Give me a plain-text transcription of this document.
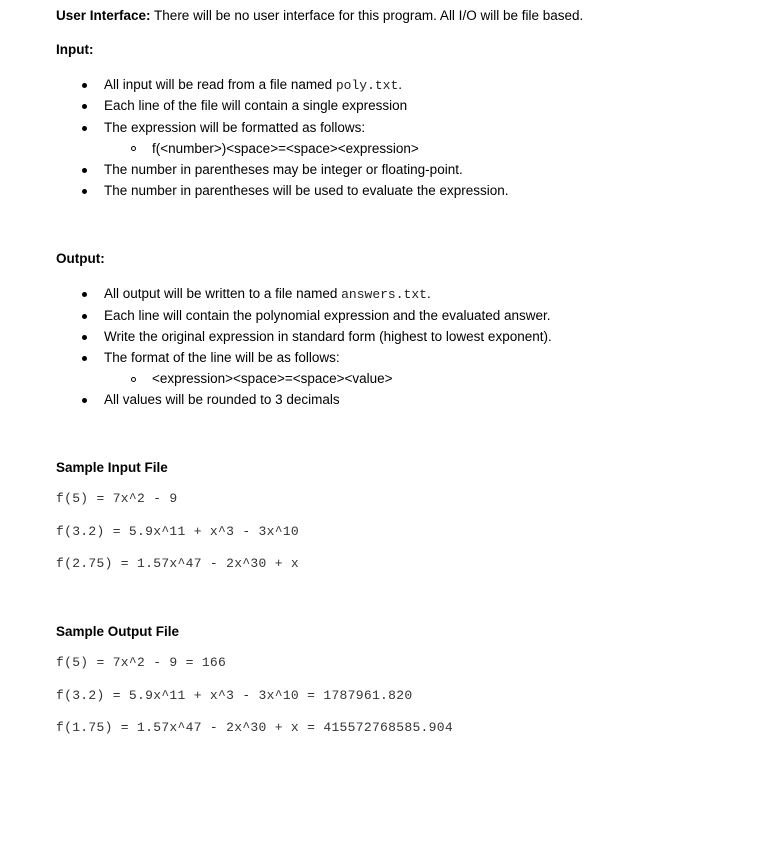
User Interface: There will be no user interface for this program. All I/O will be file based.
Input:
All input will be read from a file named poly.txt.
Each line of the file will contain a single expression
The expression will be formatted as follows:
f(<number>)<space>=<space><expression>
The number in parentheses may be integer or floating-point.
The number in parentheses will be used to evaluate the expression.
Output:
All output will be written to a file named answers.txt.
Each line will contain the polynomial expression and the evaluated answer.
Write the original expression in standard form (highest to lowest exponent).
The format of the line will be as follows:
<expression><space>=<space><value>
All values will be rounded to 3 decimals
Sample Input File
f(5) = 7x^2 - 9
f(3.2) = 5.9x^11 + x^3 - 3x^10
f(2.75) = 1.57x^47 - 2x^30 + x
Sample Output File
f(5) = 7x^2 - 9 = 166
f(3.2) = 5.9x^11 + x^3 - 3x^10 = 1787961.820
f(1.75) = 1.57x^47 - 2x^30 + x = 415572768585.904
